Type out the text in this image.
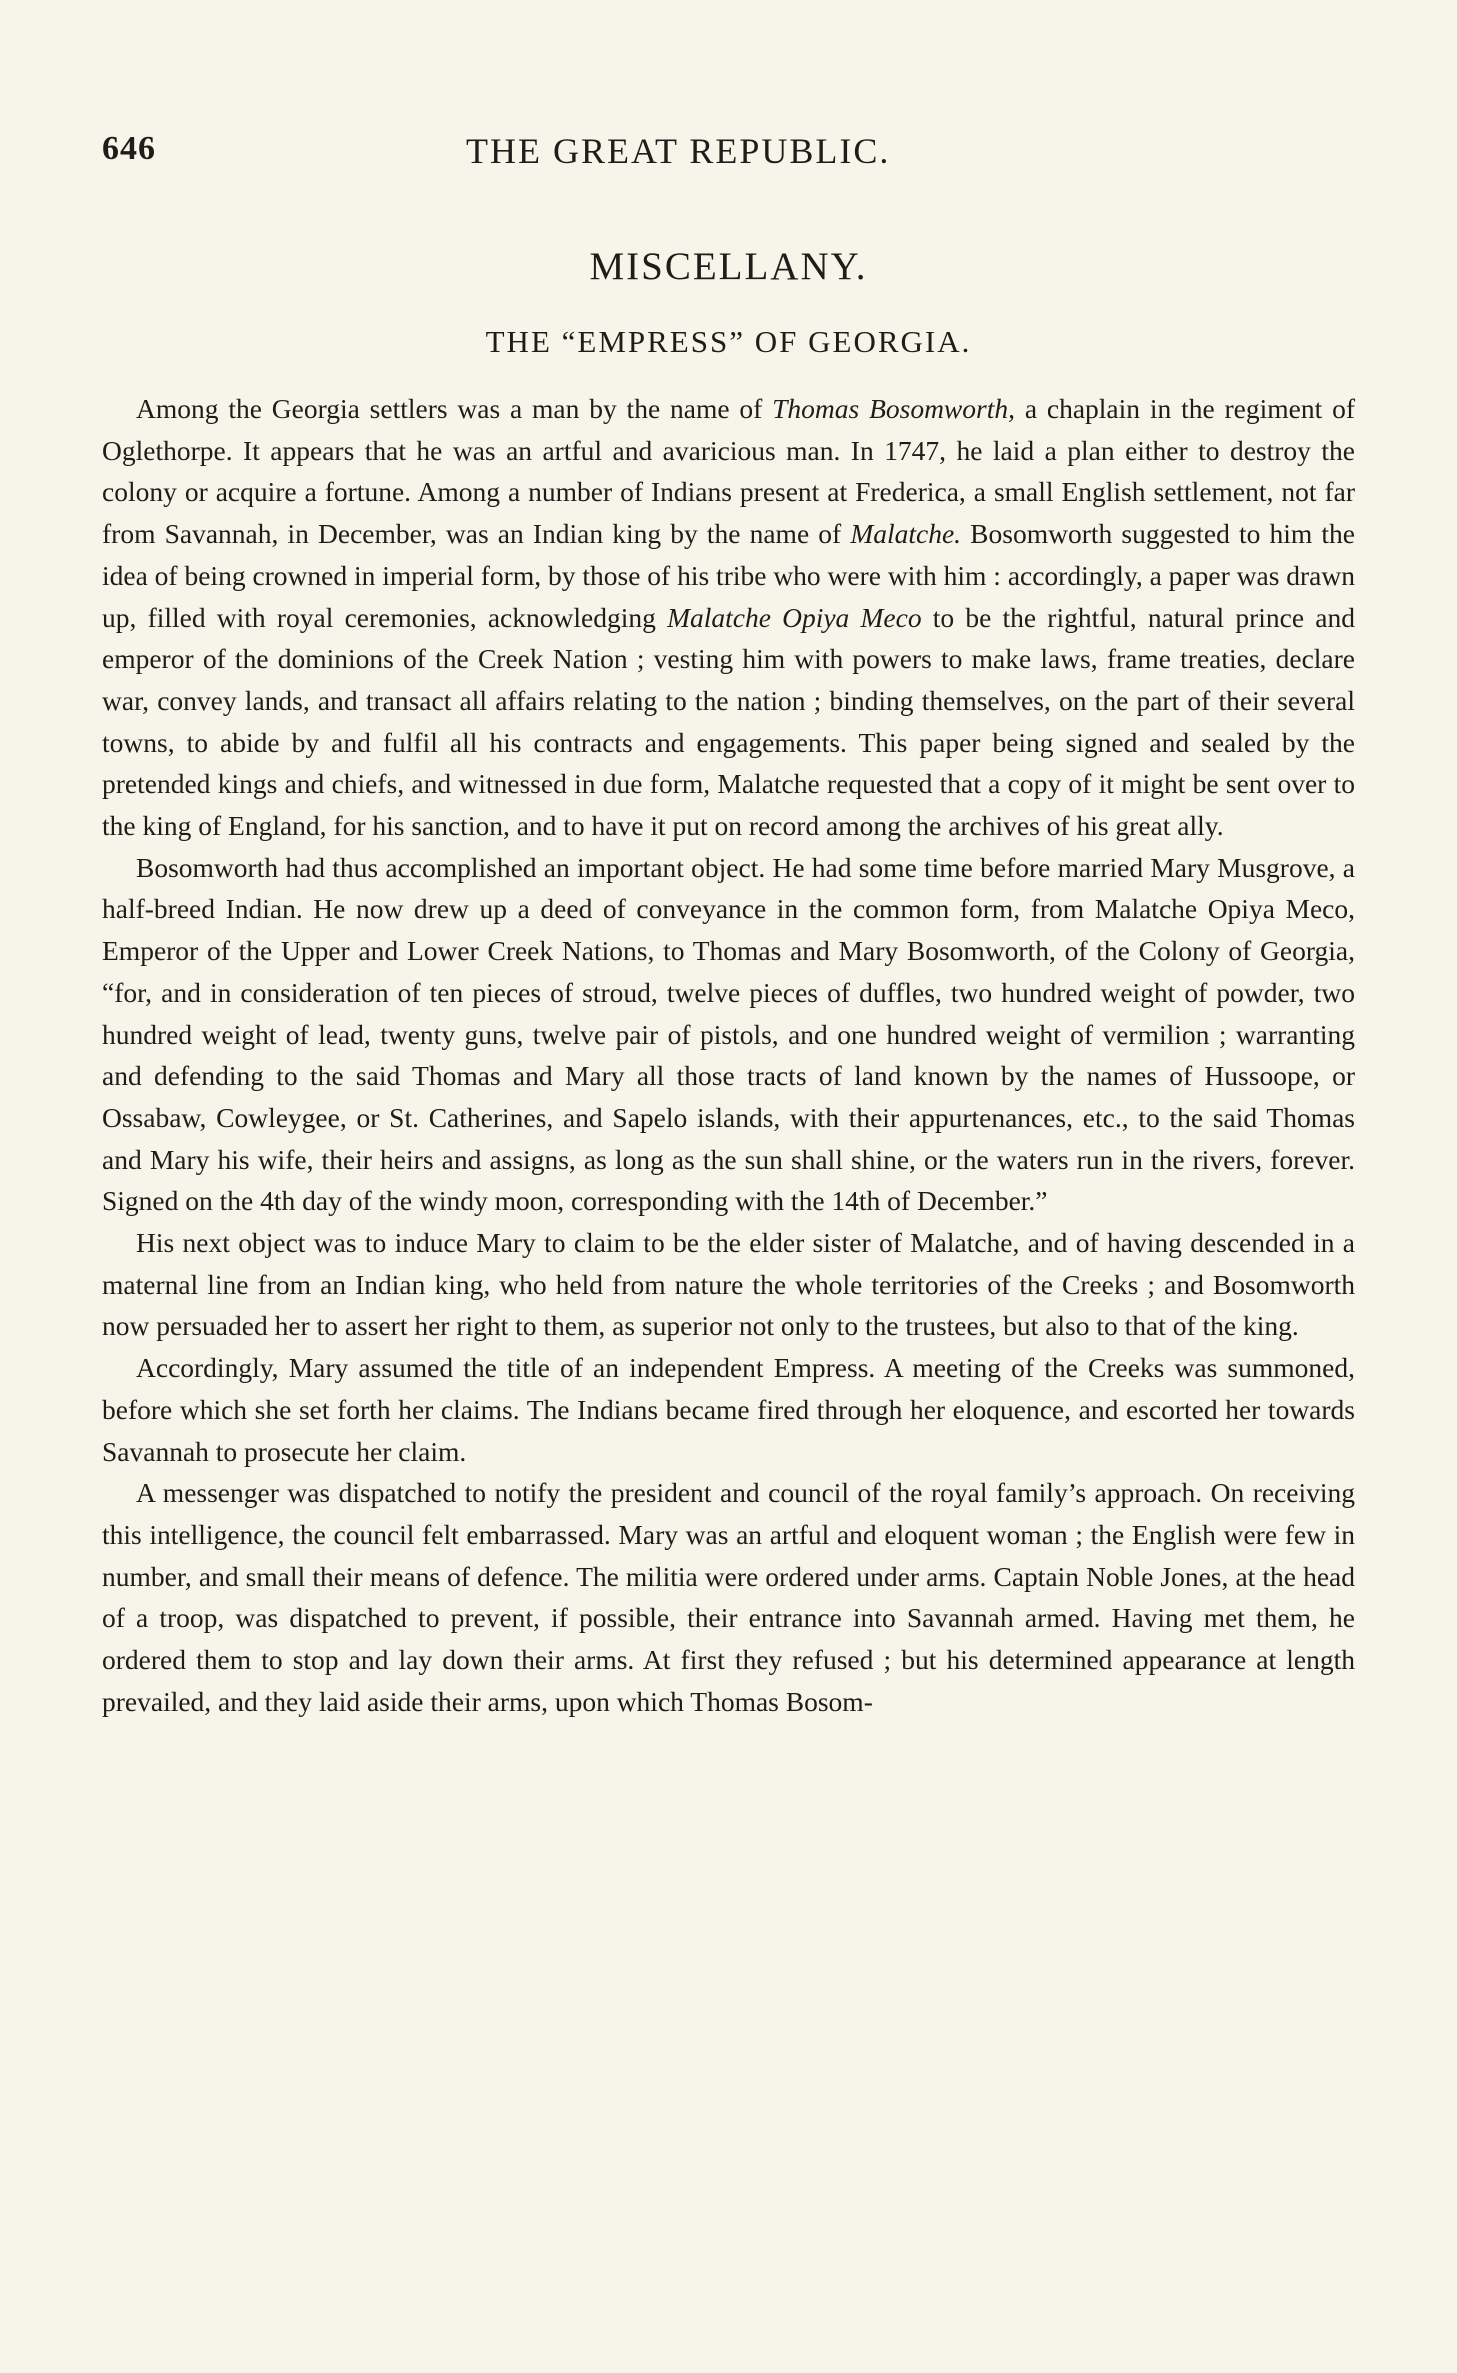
646	THE GREAT REPUBLIC.
MISCELLANY.
THE “EMPRESS” OF GEORGIA.

Among the Georgia settlers was a man by the name of Thomas Bosomworth, a chaplain in the regiment of Oglethorpe. It appears that he was an artful and avaricious man. In 1747, he laid a plan either to destroy the colony or acquire a fortune. Among a number of Indians present at Frederica, a small English settlement, not far from Savannah, in December, was an Indian king by the name of Malatche. Bosomworth suggested to him the idea of being crowned in imperial form, by those of his tribe who were with him : accordingly, a paper was drawn up, filled with royal ceremonies, acknowledging Malatche Opiya Meco to be the rightful, natural prince and emperor of the dominions of the Creek Nation ; vesting him with powers to make laws, frame treaties, declare war, convey lands, and transact all affairs relating to the nation ; binding themselves, on the part of their several towns, to abide by and fulfil all his contracts and engagements. This paper being signed and sealed by the pretended kings and chiefs, and witnessed in due form, Malatche requested that a copy of it might be sent over to the king of England, for his sanction, and to have it put on record among the archives of his great ally.

Bosomworth had thus accomplished an important object. He had some time before married Mary Musgrove, a half-breed Indian. He now drew up a deed of conveyance in the common form, from Malatche Opiya Meco, Emperor of the Upper and Lower Creek Nations, to Thomas and Mary Bosomworth, of the Colony of Georgia, “for, and in consideration of ten pieces of stroud, twelve pieces of duffles, two hundred weight of powder, two hundred weight of lead, twenty guns, twelve pair of pistols, and one hundred weight of vermilion ; warranting and defending to the said Thomas and Mary all those tracts of land known by the names of Hussoope, or Ossabaw, Cowleygee, or St. Catherines, and Sapelo islands, with their appurtenances, etc., to the said Thomas and Mary his wife, their heirs and assigns, as long as the sun shall shine, or the waters run in the rivers, forever. Signed on the 4th day of the windy moon, corresponding with the 14th of December.”

His next object was to induce Mary to claim to be the elder sister of Malatche, and of having descended in a maternal line from an Indian king, who held from nature the whole territories of the Creeks ; and Bosomworth now persuaded her to assert her right to them, as superior not only to the trustees, but also to that of the king.

Accordingly, Mary assumed the title of an independent Empress. A meeting of the Creeks was summoned, before which she set forth her claims. The Indians became fired through her eloquence, and escorted her towards Savannah to prosecute her claim.

A messenger was dispatched to notify the president and council of the royal family’s approach. On receiving this intelligence, the council felt embarrassed. Mary was an artful and eloquent woman ; the English were few in number, and small their means of defence. The militia were ordered under arms. Captain Noble Jones, at the head of a troop, was dispatched to prevent, if possible, their entrance into Savannah armed. Having met them, he ordered them to stop and lay down their arms. At first they refused ; but his determined appearance at length prevailed, and they laid aside their arms, upon which Thomas Bosom-
